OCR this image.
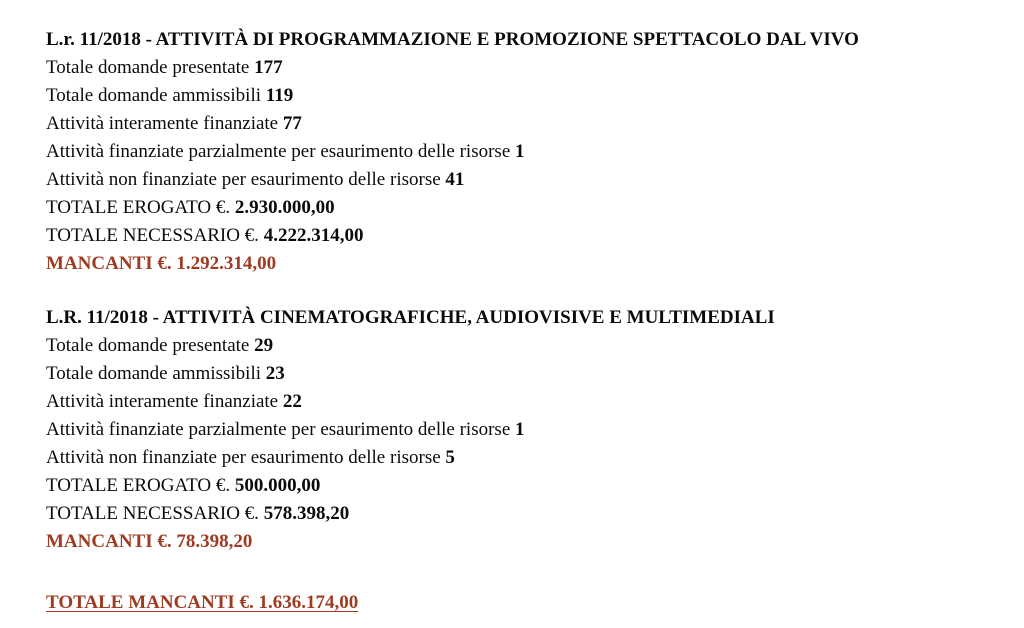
L.r. 11/2018 - ATTIVITÀ DI PROGRAMMAZIONE E PROMOZIONE SPETTACOLO DAL VIVO

Totale domande presentate 177

Totale domande ammissibili 119

Attività interamente finanziate 77

Attività finanziate parzialmente per esaurimento delle risorse 1

Attività non finanziate per esaurimento delle risorse 41

TOTALE EROGATO €. 2.930.000,00

TOTALE NECESSARIO €. 4.222.314,00

MANCANTI €. 1.292.314,00

L.R. 11/2018 - ATTIVITÀ CINEMATOGRAFICHE, AUDIOVISIVE E MULTIMEDIALI

Totale domande presentate 29

Totale domande ammissibili 23

Attività interamente finanziate 22

Attività finanziate parzialmente per esaurimento delle risorse 1

Attività non finanziate per esaurimento delle risorse 5

TOTALE EROGATO €. 500.000,00

TOTALE NECESSARIO €. 578.398,20

MANCANTI €. 78.398,20

TOTALE MANCANTI €. 1.636.174,00
